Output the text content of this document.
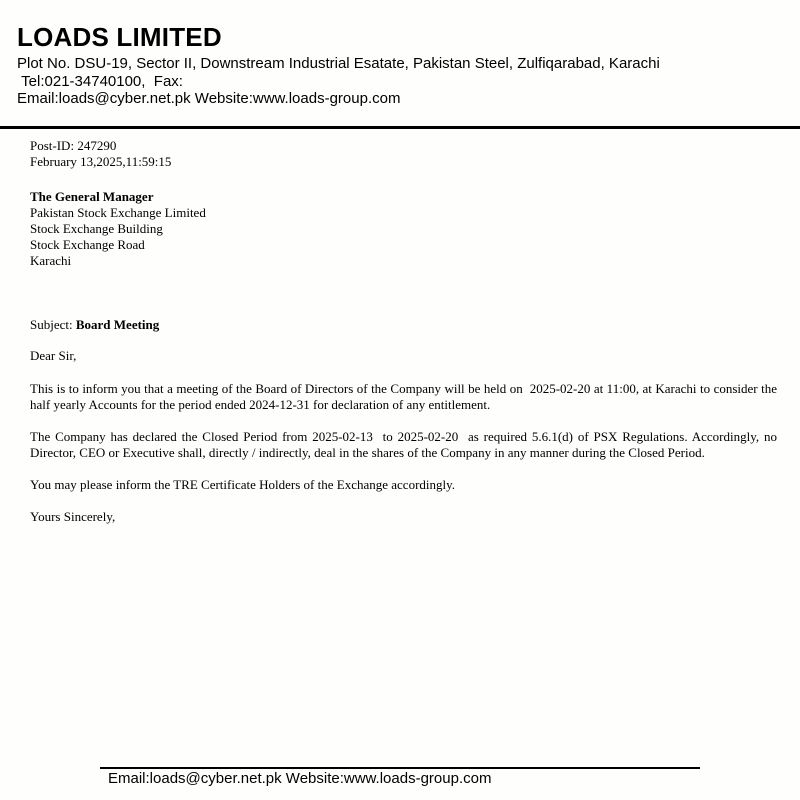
LOADS LIMITED
Plot No. DSU-19, Sector II, Downstream Industrial Esatate, Pakistan Steel, Zulfiqarabad, Karachi
Tel:021-34740100,  Fax:
Email:loads@cyber.net.pk Website:www.loads-group.com
Post-ID: 247290
February 13,2025,11:59:15
The General Manager
Pakistan Stock Exchange Limited
Stock Exchange Building
Stock Exchange Road
Karachi
Subject: Board Meeting
Dear Sir,

This is to inform you that a meeting of the Board of Directors of the Company will be held on  2025-02-20 at 11:00, at Karachi to consider the half yearly Accounts for the period ended 2024-12-31 for declaration of any entitlement.

The Company has declared the Closed Period from 2025-02-13  to 2025-02-20  as required 5.6.1(d) of PSX Regulations. Accordingly, no Director, CEO or Executive shall, directly / indirectly, deal in the shares of the Company in any manner during the Closed Period.

You may please inform the TRE Certificate Holders of the Exchange accordingly.

Yours Sincerely,
Email:loads@cyber.net.pk Website:www.loads-group.com
